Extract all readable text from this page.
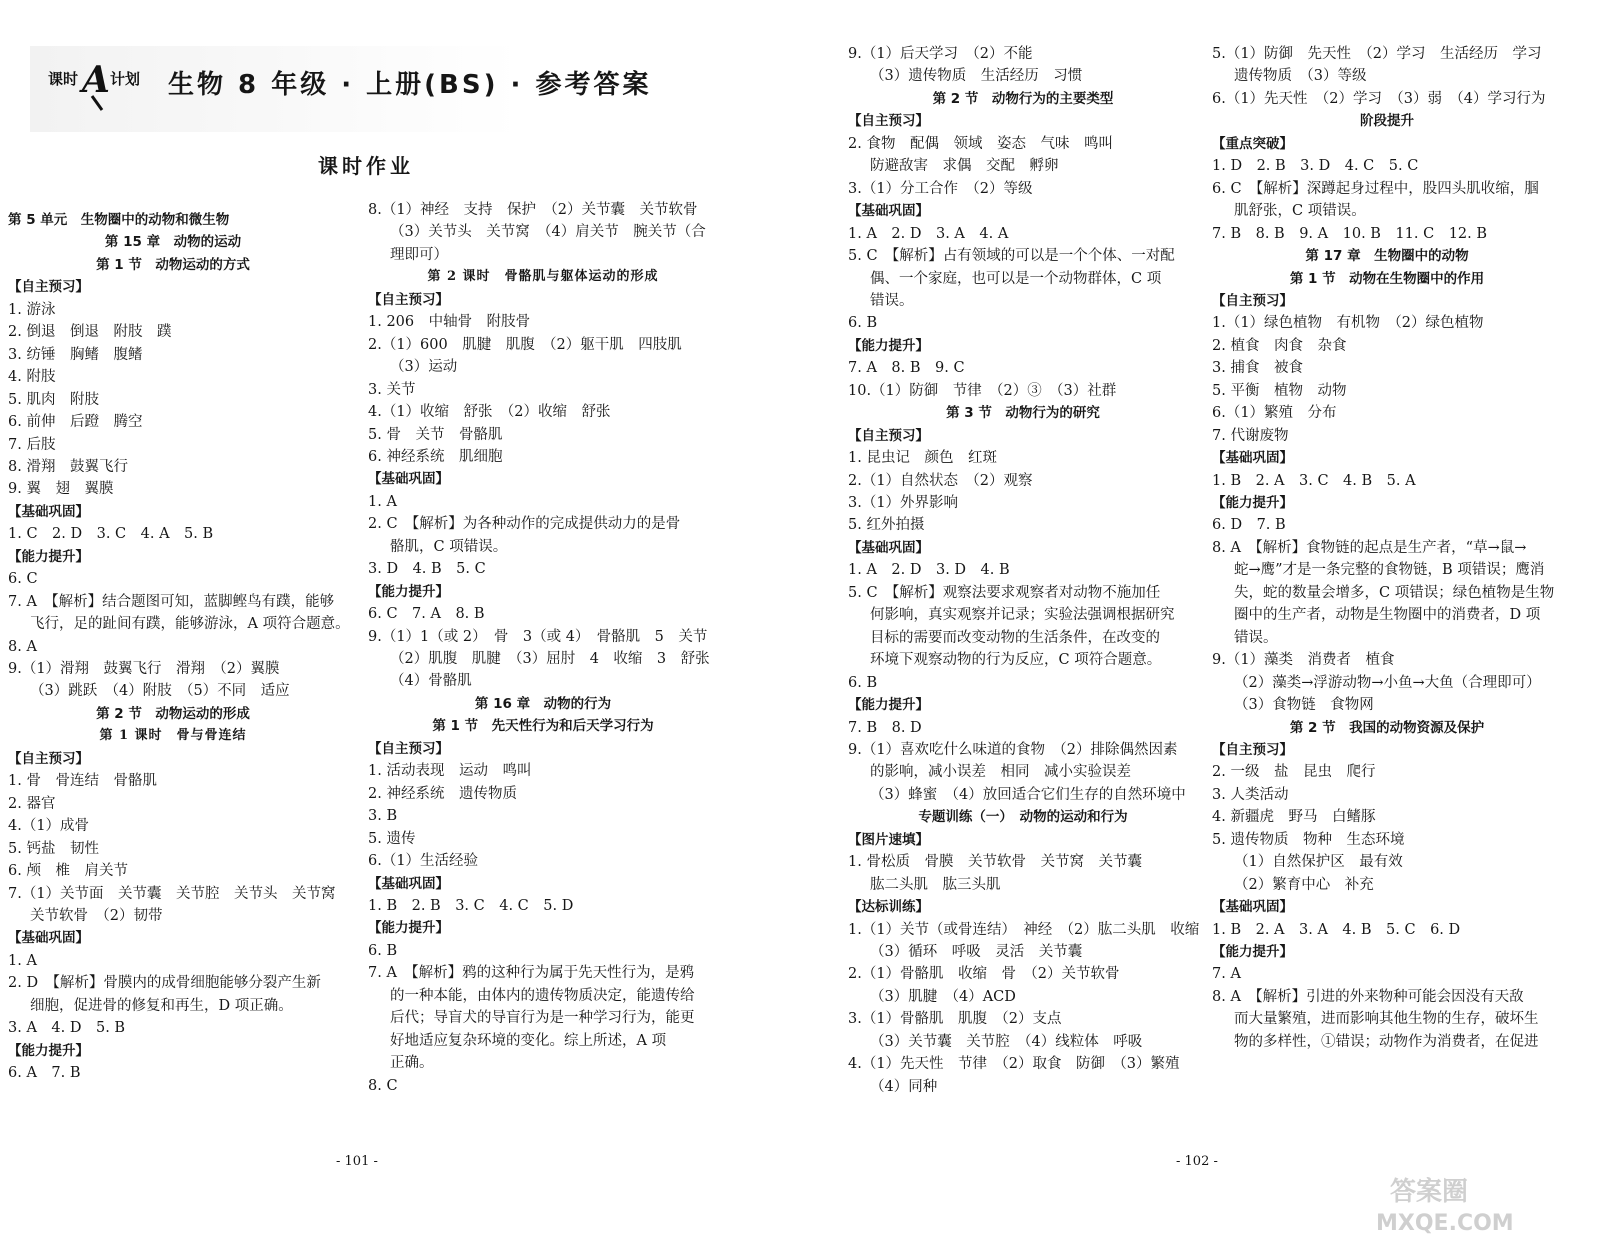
课时 A 计划 生物 8 年级 · 上册(BS) · 参考答案
课时作业
第 5 单元　生物圈中的动物和微生物
第 15 章　动物的运动
第 1 节　动物运动的方式
【自主预习】
1. 游泳
2. 倒退　倒退　附肢　蹼
3. 纺锤　胸鳍　腹鳍
4. 附肢
5. 肌肉　附肢
6. 前伸　后蹬　腾空
7. 后肢
8. 滑翔　鼓翼飞行
9. 翼　翅　翼膜
【基础巩固】
1. C　2. D　3. C　4. A　5. B
【能力提升】
6. C
7. A　【解析】结合题图可知，蓝脚鲣鸟有蹼，能够
飞行，足的趾间有蹼，能够游泳，A 项符合题意。
8. A
9.（1）滑翔　鼓翼飞行　滑翔　（2）翼膜
（3）跳跃　（4）附肢　（5）不同　适应
第 2 节　动物运动的形成
第 1 课时　骨与骨连结
【自主预习】
1. 骨　骨连结　骨骼肌
2. 器官
4.（1）成骨
5. 钙盐　韧性
6. 颅　椎　肩关节
7.（1）关节面　关节囊　关节腔　关节头　关节窝
关节软骨　（2）韧带
【基础巩固】
1. A
2. D　【解析】骨膜内的成骨细胞能够分裂产生新
细胞，促进骨的修复和再生，D 项正确。
3. A　4. D　5. B
【能力提升】
6. A　7. B
8.（1）神经　支持　保护　（2）关节囊　关节软骨
（3）关节头　关节窝　（4）肩关节　腕关节（合
理即可）
第 2 课时　骨骼肌与躯体运动的形成
【自主预习】
1. 206　中轴骨　附肢骨
2.（1）600　肌腱　肌腹　（2）躯干肌　四肢肌
（3）运动
3. 关节
4.（1）收缩　舒张　（2）收缩　舒张
5. 骨　关节　骨骼肌
6. 神经系统　肌细胞
【基础巩固】
1. A
2. C　【解析】为各种动作的完成提供动力的是骨
骼肌，C 项错误。
3. D　4. B　5. C
【能力提升】
6. C　7. A　8. B
9.（1）1（或 2）　骨　3（或 4）　骨骼肌　5　关节
（2）肌腹　肌腱　（3）屈肘　4　收缩　3　舒张
（4）骨骼肌
第 16 章　动物的行为
第 1 节　先天性行为和后天学习行为
【自主预习】
1. 活动表现　运动　鸣叫
2. 神经系统　遗传物质
3. B
5. 遗传
6.（1）生活经验
【基础巩固】
1. B　2. B　3. C　4. C　5. D
【能力提升】
6. B
7. A　【解析】鸦的这种行为属于先天性行为，是鸦
的一种本能，由体内的遗传物质决定，能遗传给
后代；导盲犬的导盲行为是一种学习行为，能更
好地适应复杂环境的变化。综上所述，A 项
正确。
8. C
9.（1）后天学习　（2）不能
（3）遗传物质　生活经历　习惯
第 2 节　动物行为的主要类型
【自主预习】
2. 食物　配偶　领域　姿态　气味　鸣叫
防避敌害　求偶　交配　孵卵
3.（1）分工合作　（2）等级
【基础巩固】
1. A　2. D　3. A　4. A
5. C　【解析】占有领域的可以是一个个体、一对配
偶、一个家庭，也可以是一个动物群体，C 项
错误。
6. B
【能力提升】
7. A　8. B　9. C
10.（1）防御　节律　（2）③　（3）社群
第 3 节　动物行为的研究
【自主预习】
1. 昆虫记　颜色　红斑
2.（1）自然状态　（2）观察
3.（1）外界影响
5. 红外拍摄
【基础巩固】
1. A　2. D　3. D　4. B
5. C　【解析】观察法要求观察者对动物不施加任
何影响，真实观察并记录；实验法强调根据研究
目标的需要而改变动物的生活条件，在改变的
环境下观察动物的行为反应，C 项符合题意。
6. B
【能力提升】
7. B　8. D
9.（1）喜欢吃什么味道的食物　（2）排除偶然因素
的影响，减小误差　相同　减小实验误差
（3）蜂蜜　（4）放回适合它们生存的自然环境中
专题训练（一）　动物的运动和行为
【图片速填】
1. 骨松质　骨膜　关节软骨　关节窝　关节囊
肱二头肌　肱三头肌
【达标训练】
1.（1）关节（或骨连结）　神经　（2）肱二头肌　收缩
（3）循环　呼吸　灵活　关节囊
2.（1）骨骼肌　收缩　骨　（2）关节软骨
（3）肌腱　（4）ACD
3.（1）骨骼肌　肌腹　（2）支点
（3）关节囊　关节腔　（4）线粒体　呼吸
4.（1）先天性　节律　（2）取食　防御　（3）繁殖
（4）同种
5.（1）防御　先天性　（2）学习　生活经历　学习
遗传物质　（3）等级
6.（1）先天性　（2）学习　（3）弱　（4）学习行为
阶段提升
【重点突破】
1. D　2. B　3. D　4. C　5. C
6. C　【解析】深蹲起身过程中，股四头肌收缩，腘
肌舒张，C 项错误。
7. B　8. B　9. A　10. B　11. C　12. B
第 17 章　生物圈中的动物
第 1 节　动物在生物圈中的作用
【自主预习】
1.（1）绿色植物　有机物　（2）绿色植物
2. 植食　肉食　杂食
3. 捕食　被食
5. 平衡　植物　动物
6.（1）繁殖　分布
7. 代谢废物
【基础巩固】
1. B　2. A　3. C　4. B　5. A
【能力提升】
6. D　7. B
8. A　【解析】食物链的起点是生产者，“草→鼠→
蛇→鹰”才是一条完整的食物链，B 项错误；鹰消
失，蛇的数量会增多，C 项错误；绿色植物是生物
圈中的生产者，动物是生物圈中的消费者，D 项
错误。
9.（1）藻类　消费者　植食
（2）藻类→浮游动物→小鱼→大鱼（合理即可）
（3）食物链　食物网
第 2 节　我国的动物资源及保护
【自主预习】
2. 一级　盐　昆虫　爬行
3. 人类活动
4. 新疆虎　野马　白鳍豚
5. 遗传物质　物种　生态环境
（1）自然保护区　最有效
（2）繁育中心　补充
【基础巩固】
1. B　2. A　3. A　4. B　5. C　6. D
【能力提升】
7. A
8. A　【解析】引进的外来物种可能会因没有天敌
而大量繁殖，进而影响其他生物的生存，破坏生
物的多样性，①错误；动物作为消费者，在促进
- 101 -	- 102 -
答案圈
MXQE.COM
